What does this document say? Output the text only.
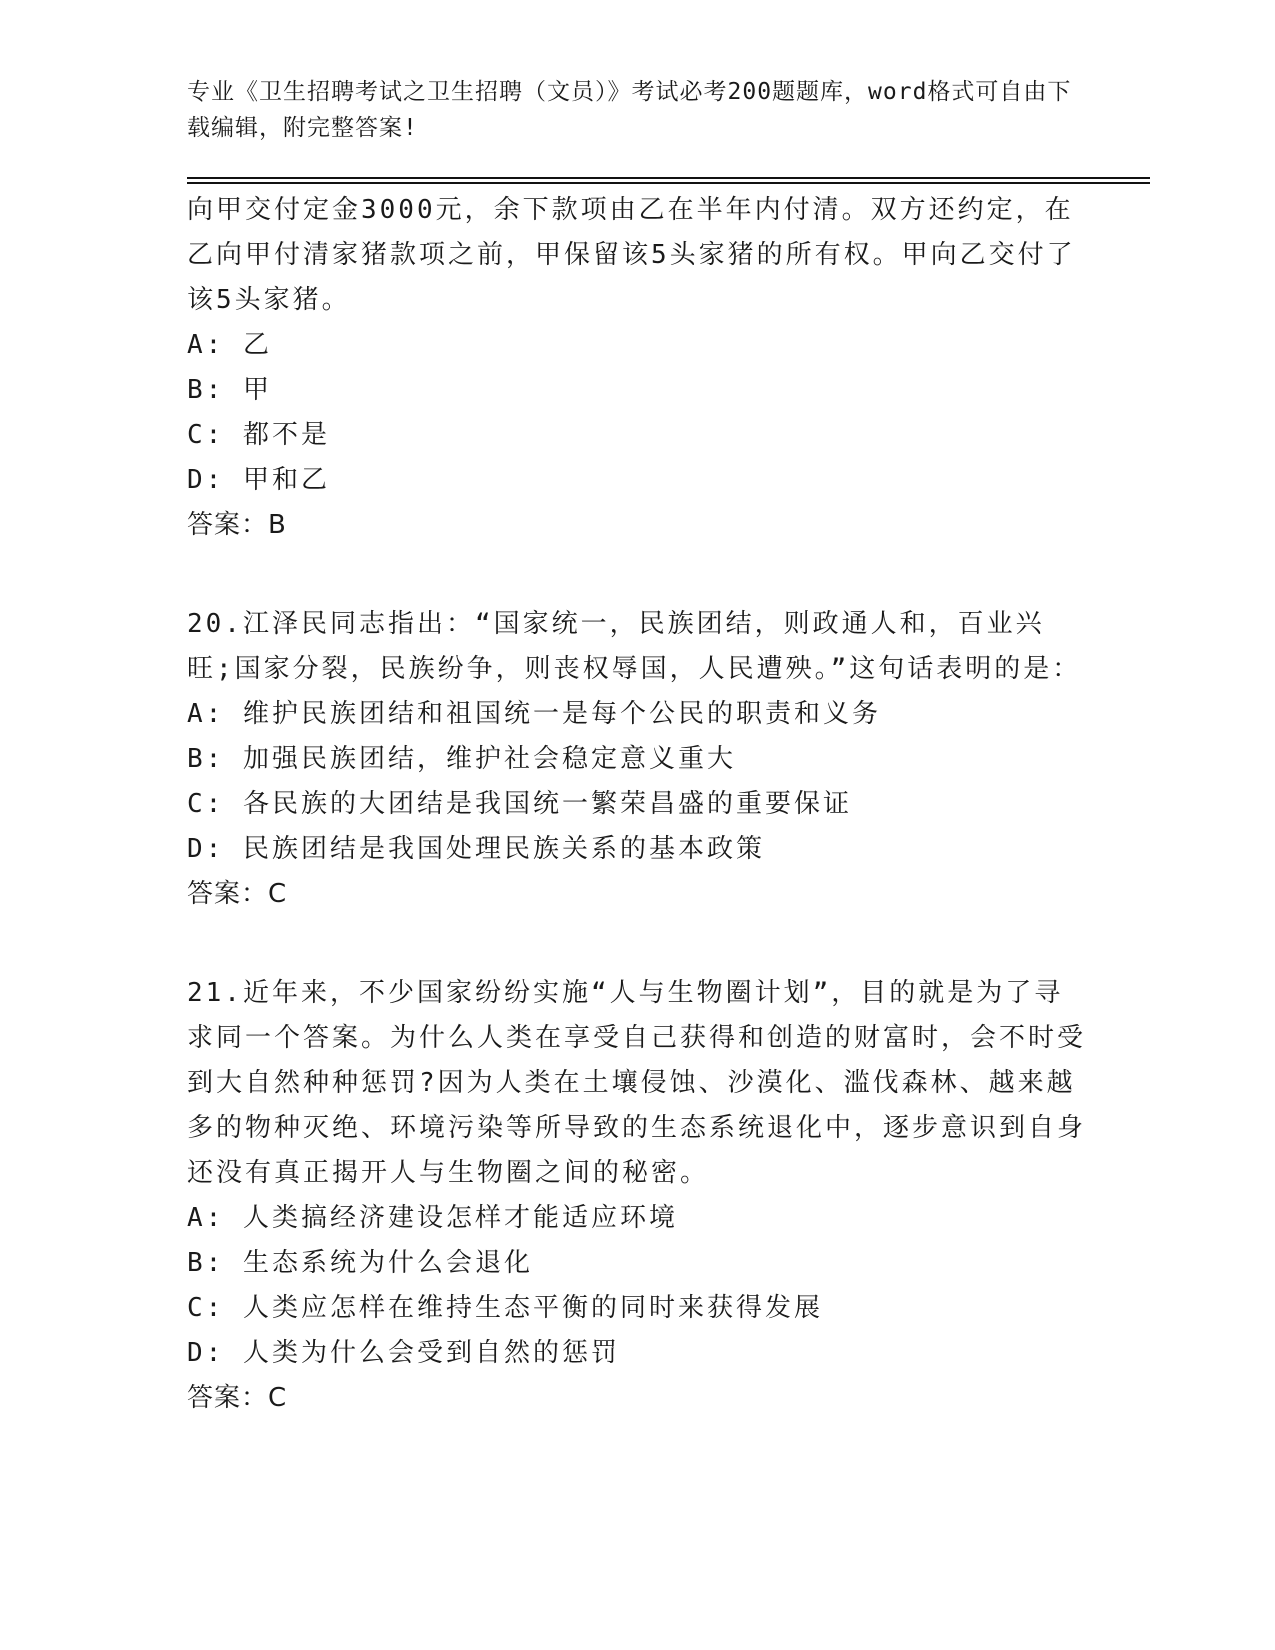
专业《卫生招聘考试之卫生招聘（文员）》考试必考200题题库，word格式可自由下载编辑，附完整答案!
向甲交付定金3000元，余下款项由乙在半年内付清。双方还约定，在乙向甲付清家猪款项之前，甲保留该5头家猪的所有权。甲向乙交付了该5头家猪。
A: 乙
B: 甲
C: 都不是
D: 甲和乙
答案：B
20.江泽民同志指出：“国家统一，民族团结，则政通人和，百业兴旺;国家分裂，民族纷争，则丧权辱国，人民遭殃。”这句话表明的是：
A: 维护民族团结和祖国统一是每个公民的职责和义务
B: 加强民族团结，维护社会稳定意义重大
C: 各民族的大团结是我国统一繁荣昌盛的重要保证
D: 民族团结是我国处理民族关系的基本政策
答案：C
21.近年来，不少国家纷纷实施“人与生物圈计划”，目的就是为了寻求同一个答案。为什么人类在享受自己获得和创造的财富时，会不时受到大自然种种惩罚?因为人类在土壤侵蚀、沙漠化、滥伐森林、越来越多的物种灭绝、环境污染等所导致的生态系统退化中，逐步意识到自身还没有真正揭开人与生物圈之间的秘密。
A: 人类搞经济建设怎样才能适应环境
B: 生态系统为什么会退化
C: 人类应怎样在维持生态平衡的同时来获得发展
D: 人类为什么会受到自然的惩罚
答案：C
